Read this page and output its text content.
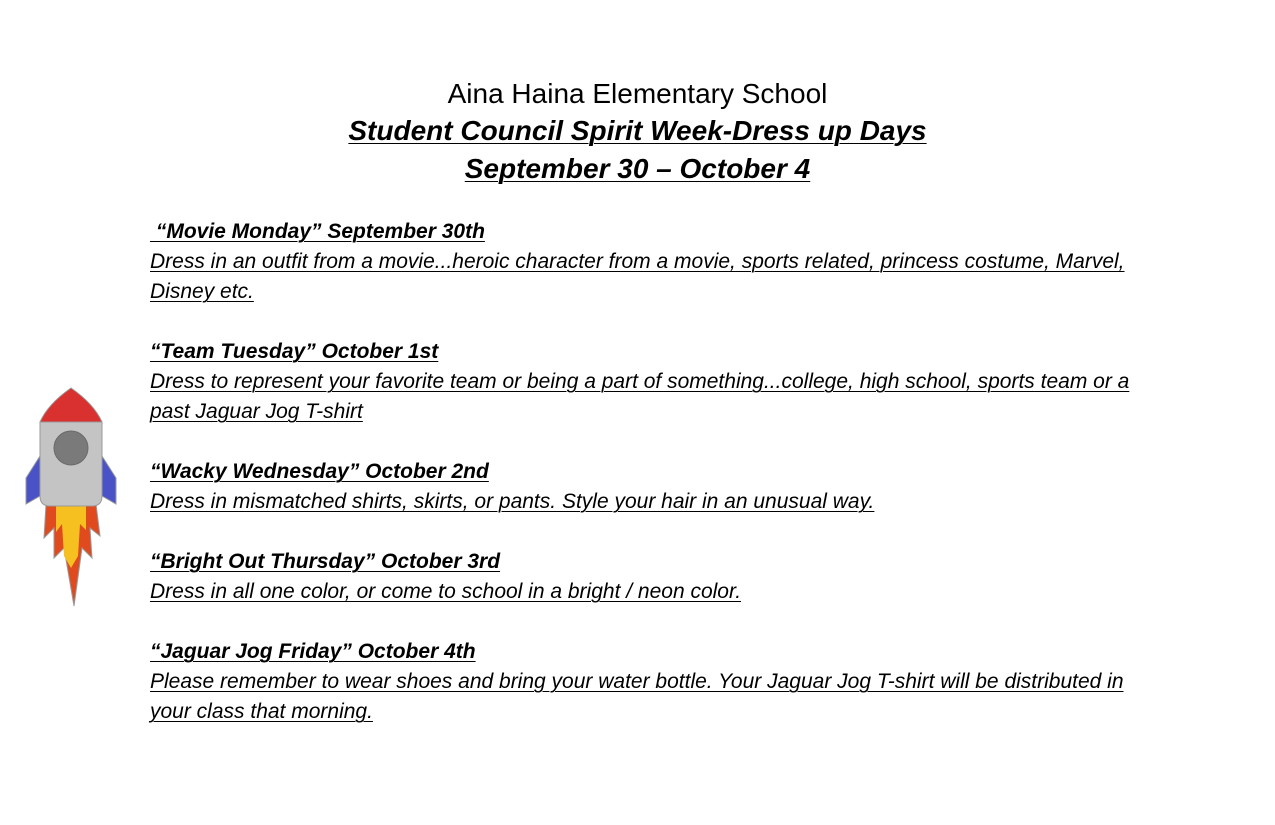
Aina Haina Elementary School
Student Council Spirit Week-Dress up Days
September 30 – October 4
“Movie Monday” September 30th
Dress in an outfit from a movie...heroic character from a movie, sports related, princess costume, Marvel, Disney etc.
“Team Tuesday” October 1st
Dress to represent your favorite team or being a part of something...college, high school, sports team or a past Jaguar Jog T-shirt
“Wacky Wednesday” October 2nd
Dress in mismatched shirts, skirts, or pants. Style your hair in an unusual way.
“Bright Out Thursday” October 3rd
Dress in all one color, or come to school in a bright / neon color.
“Jaguar Jog Friday” October 4th
Please remember to wear shoes and bring your water bottle. Your Jaguar Jog T-shirt will be distributed in your class that morning.
